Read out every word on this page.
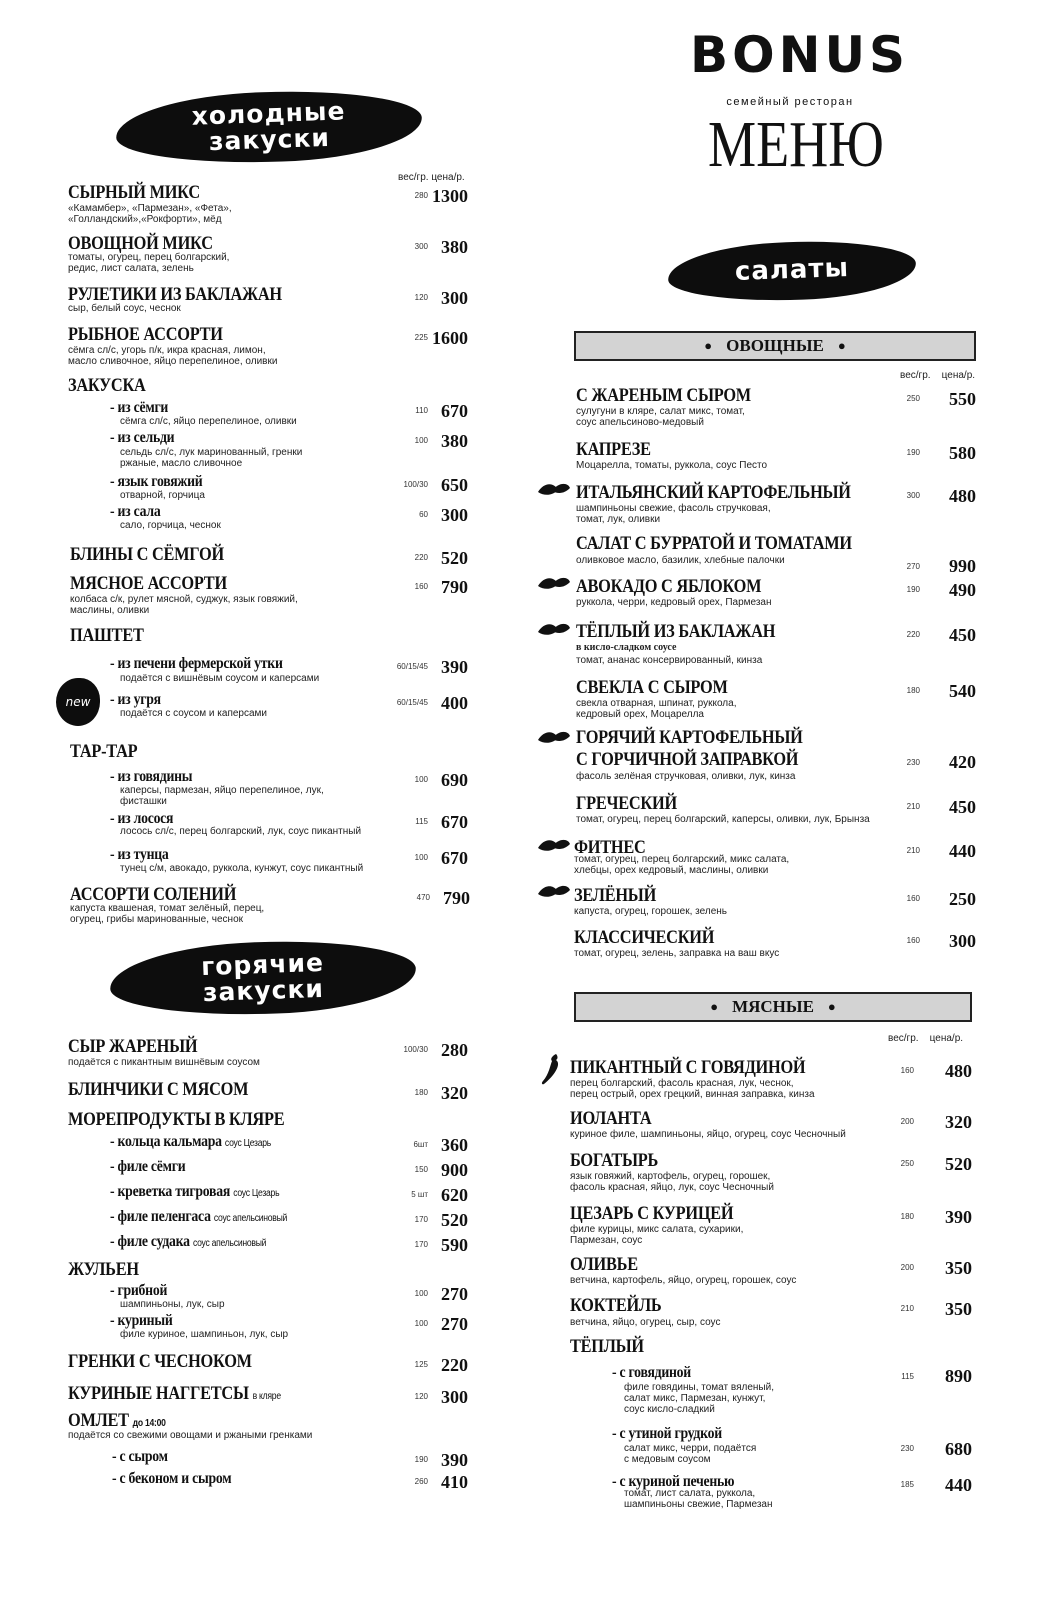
холодные
закуски
вес/гр. цена/р.
СЫРНЫЙ МИКС
«Камамбер», «Пармезан», «Фета»,
«Голландский»,«Рокфорти», мёд
280 1300
ОВОЩНОЙ МИКС
томаты, огурец, перец болгарский,
редис, лист салата, зелень
300 380
РУЛЕТИКИ ИЗ БАКЛАЖАН
сыр, белый соус, чеснок
120 300
РЫБНОЕ АССОРТИ
сёмга сл/с, угорь п/к, икра красная, лимон,
масло сливочное, яйцо перепелиное, оливки
225 1600
ЗАКУСКА
- из сёмги
сёмга сл/с, яйцо перепелиное, оливки
110 670
- из сельди
сельдь сл/с, лук маринованный, гренки
ржаные, масло сливочное
100 380
- язык говяжий
отварной, горчица
100/30 650
- из сала
сало, горчица, чеснок
60 300
БЛИНЫ С СЁМГОЙ	220 520
МЯСНОЕ АССОРТИ
колбаса с/к, рулет мясной, суджук, язык говяжий,
маслины, оливки
160 790
ПАШТЕТ
- из печени фермерской утки
подаётся с вишнёвым соусом и каперсами
60/15/45 390
new - из угря
подаётся с соусом и каперсами
60/15/45 400
ТАР-ТАР
- из говядины
каперсы, пармезан, яйцо перепелиное, лук,
фисташки
100 690
- из лосося
лосось сл/с, перец болгарский, лук, соус пикантный
115 670
- из тунца
тунец с/м, авокадо, руккола, кунжут, соус пикантный
100 670
АССОРТИ СОЛЕНИЙ
капуста квашеная, томат зелёный, перец,
огурец, грибы маринованные, чеснок
470 790
горячие
закуски
СЫР ЖАРЕНЫЙ
подаётся с пикантным вишнёвым соусом
100/30 280
БЛИНЧИКИ С МЯСОМ	180 320
МОРЕПРОДУКТЫ В КЛЯРЕ
- кольца кальмара соус Цезарь	6шт 360
- филе сёмги	150 900
- креветка тигровая соус Цезарь	5 шт 620
- филе пеленгаса соус апельсиновый	170 520
- филе судака соус апельсиновый	170 590
ЖУЛЬЕН
- грибной
шампиньоны, лук, сыр
100 270
- куриный
филе куриное, шампиньон, лук, сыр
100 270
ГРЕНКИ С ЧЕСНОКОМ	125 220
КУРИНЫЕ НАГГЕТСЫ в кляре	120 300
ОМЛЕТ до 14:00
подаётся со свежими овощами и ржаными гренками
- с сыром	190 390
- с беконом и сыром	260 410
BONUS
семейный ресторан
МЕНЮ
салаты
● ОВОЩНЫЕ ●
вес/гр. цена/р.
С ЖАРЕНЫМ СЫРОМ
сулугуни в кляре, салат микс, томат,
соус апельсиново-медовый
250	550
КАПРЕЗЕ
Моцарелла, томаты, руккола, соус Песто
190	580
ИТАЛЬЯНСКИЙ КАРТОФЕЛЬНЫЙ
шампиньоны свежие, фасоль стручковая,
томат, лук, оливки
300	480
САЛАТ С БУРРАТОЙ И ТОМАТАМИ
оливковое масло, базилик, хлебные палочки
270	990
АВОКАДО С ЯБЛОКОМ
руккола, черри, кедровый орех, Пармезан
190	490
ТЁПЛЫЙ ИЗ БАКЛАЖАН
в кисло-сладком соусе
томат, ананас консервированный, кинза
220	450
СВЕКЛА С СЫРОМ
свекла отварная, шпинат, руккола,
кедровый орех, Моцарелла
180	540
ГОРЯЧИЙ КАРТОФЕЛЬНЫЙ
С ГОРЧИЧНОЙ ЗАПРАВКОЙ
фасоль зелёная стручковая, оливки, лук, кинза
230	420
ГРЕЧЕСКИЙ
томат, огурец, перец болгарский, каперсы, оливки, лук, Брынза
210	450
ФИТНЕС
томат, огурец, перец болгарский, микс салата,
хлебцы, орех кедровый, маслины, оливки
210	440
ЗЕЛЁНЫЙ
капуста, огурец, горошек, зелень
160	250
КЛАССИЧЕСКИЙ
томат, огурец, зелень, заправка на ваш вкус
160	300
● МЯСНЫЕ ●
вес/гр. цена/р.
ПИКАНТНЫЙ С ГОВЯДИНОЙ
перец болгарский, фасоль красная, лук, чеснок,
перец острый, орех грецкий, винная заправка, кинза
160	480
ИОЛАНТА
куриное филе, шампиньоны, яйцо, огурец, соус Чесночный
200	320
БОГАТЫРЬ
язык говяжий, картофель, огурец, горошек,
фасоль красная, яйцо, лук, соус Чесночный
250	520
ЦЕЗАРЬ С КУРИЦЕЙ
филе курицы, микс салата, сухарики,
Пармезан, соус
180	390
ОЛИВЬЕ
ветчина, картофель, яйцо, огурец, горошек, соус
200	350
КОКТЕЙЛЬ
ветчина, яйцо, огурец, сыр, соус
210	350
ТЁПЛЫЙ
- с говядиной
филе говядины, томат вяленый,
салат микс, Пармезан, кунжут,
соус кисло-сладкий
115	890
- с утиной грудкой
салат микс, черри, подаётся
с медовым соусом
230	680
- с куриной печенью
томат, лист салата, руккола,
шампиньоны свежие, Пармезан
185	440
